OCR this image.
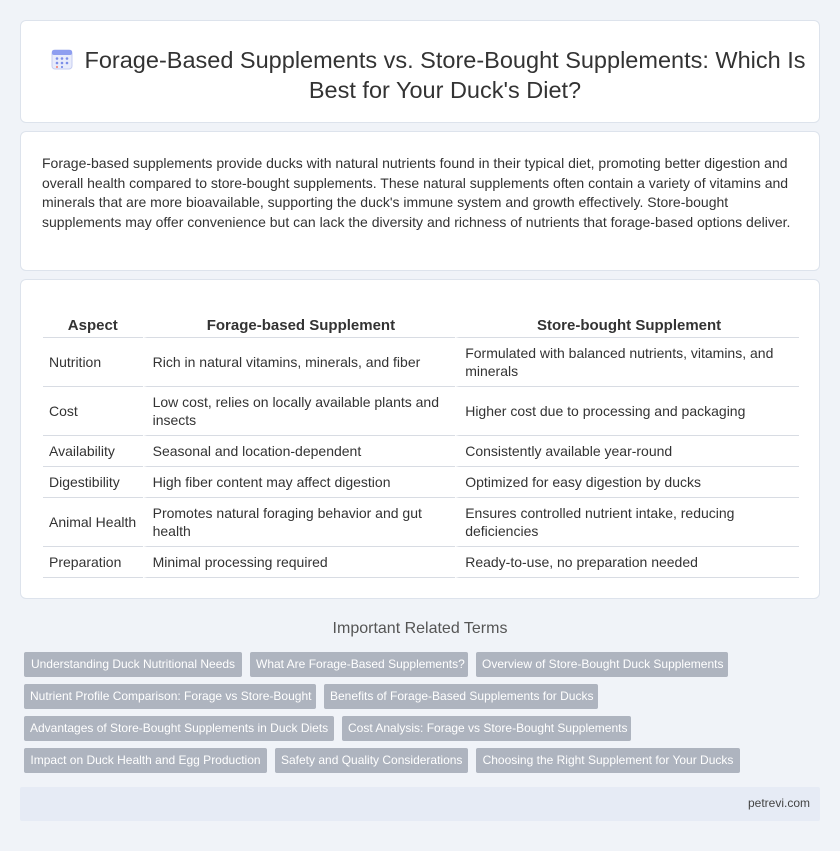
Forage-Based Supplements vs. Store-Bought Supplements: Which Is Best for Your Duck's Diet?

Forage-based supplements provide ducks with natural nutrients found in their typical diet, promoting better digestion and overall health compared to store-bought supplements. These natural supplements often contain a variety of vitamins and minerals that are more bioavailable, supporting the duck's immune system and growth effectively. Store-bought supplements may offer convenience but can lack the diversity and richness of nutrients that forage-based options deliver.

Aspect	Forage-based Supplement	Store-bought Supplement
Nutrition	Rich in natural vitamins, minerals, and fiber	Formulated with balanced nutrients, vitamins, and minerals
Cost	Low cost, relies on locally available plants and insects	Higher cost due to processing and packaging
Availability	Seasonal and location-dependent	Consistently available year-round
Digestibility	High fiber content may affect digestion	Optimized for easy digestion by ducks
Animal Health	Promotes natural foraging behavior and gut health	Ensures controlled nutrient intake, reducing deficiencies
Preparation	Minimal processing required	Ready-to-use, no preparation needed
Important Related Terms
Understanding Duck Nutritional Needs	What Are Forage-Based Supplements?	Overview of Store-Bought Duck Supplements
Nutrient Profile Comparison: Forage vs Store-Bought	Benefits of Forage-Based Supplements for Ducks
Advantages of Store-Bought Supplements in Duck Diets	Cost Analysis: Forage vs Store-Bought Supplements
Impact on Duck Health and Egg Production	Safety and Quality Considerations	Choosing the Right Supplement for Your Ducks
petrevi.com
